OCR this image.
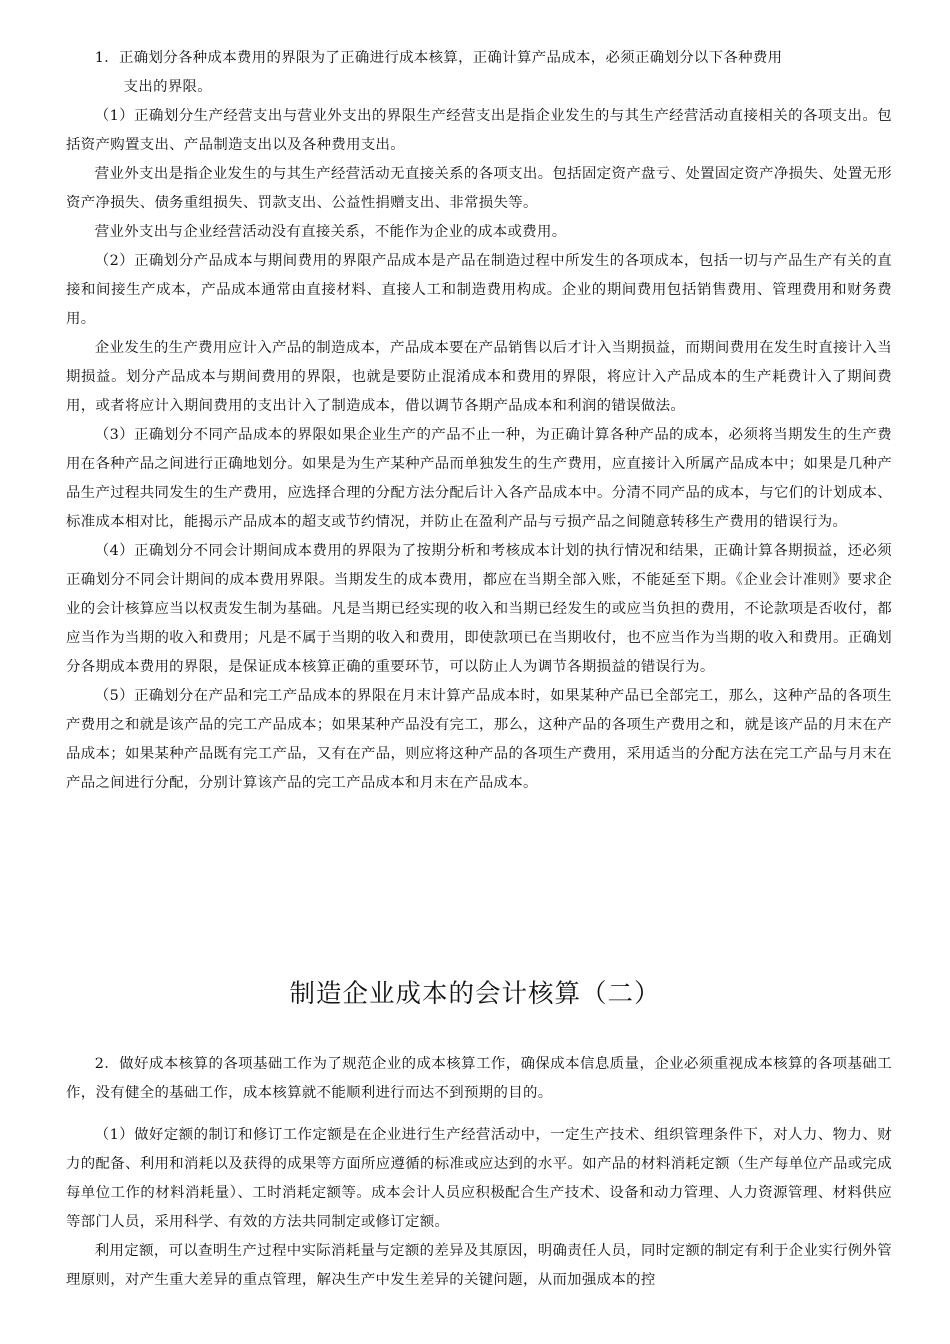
1．正确划分各种成本费用的界限为了正确进行成本核算，正确计算产品成本，必须正确划分以下各种费用
支出的界限。

（1）正确划分生产经营支出与营业外支出的界限生产经营支出是指企业发生的与其生产经营活动直接相关的各项支出。包括资产购置支出、产品制造支出以及各种费用支出。

营业外支出是指企业发生的与其生产经营活动无直接关系的各项支出。包括固定资产盘亏、处置固定资产净损失、处置无形资产净损失、债务重组损失、罚款支出、公益性捐赠支出、非常损失等。

营业外支出与企业经营活动没有直接关系，不能作为企业的成本或费用。

（2）正确划分产品成本与期间费用的界限产品成本是产品在制造过程中所发生的各项成本，包括一切与产品生产有关的直接和间接生产成本，产品成本通常由直接材料、直接人工和制造费用构成。企业的期间费用包括销售费用、管理费用和财务费用。

企业发生的生产费用应计入产品的制造成本，产品成本要在产品销售以后才计入当期损益，而期间费用在发生时直接计入当期损益。划分产品成本与期间费用的界限，也就是要防止混淆成本和费用的界限，将应计入产品成本的生产耗费计入了期间费用，或者将应计入期间费用的支出计入了制造成本，借以调节各期产品成本和利润的错误做法。

（3）正确划分不同产品成本的界限如果企业生产的产品不止一种，为正确计算各种产品的成本，必须将当期发生的生产费用在各种产品之间进行正确地划分。如果是为生产某种产品而单独发生的生产费用，应直接计入所属产品成本中；如果是几种产品生产过程共同发生的生产费用，应选择合理的分配方法分配后计入各产品成本中。分清不同产品的成本，与它们的计划成本、标准成本相对比，能揭示产品成本的超支或节约情况，并防止在盈利产品与亏损产品之间随意转移生产费用的错误行为。

（4）正确划分不同会计期间成本费用的界限为了按期分析和考核成本计划的执行情况和结果，正确计算各期损益，还必须正确划分不同会计期间的成本费用界限。当期发生的成本费用，都应在当期全部入账，不能延至下期。《企业会计准则》要求企业的会计核算应当以权责发生制为基础。凡是当期已经实现的收入和当期已经发生的或应当负担的费用，不论款项是否收付，都应当作为当期的收入和费用；凡是不属于当期的收入和费用，即使款项已在当期收付，也不应当作为当期的收入和费用。正确划分各期成本费用的界限，是保证成本核算正确的重要环节，可以防止人为调节各期损益的错误行为。

（5）正确划分在产品和完工产品成本的界限在月末计算产品成本时，如果某种产品已全部完工，那么，这种产品的各项生产费用之和就是该产品的完工产品成本；如果某种产品没有完工，那么，这种产品的各项生产费用之和，就是该产品的月末在产品成本；如果某种产品既有完工产品，又有在产品，则应将这种产品的各项生产费用，采用适当的分配方法在完工产品与月末在产品之间进行分配，分别计算该产品的完工产品成本和月末在产品成本。

制造企业成本的会计核算（二）

2．做好成本核算的各项基础工作为了规范企业的成本核算工作，确保成本信息质量，企业必须重视成本核算的各项基础工作，没有健全的基础工作，成本核算就不能顺利进行而达不到预期的目的。

（1）做好定额的制订和修订工作定额是在企业进行生产经营活动中，一定生产技术、组织管理条件下，对人力、物力、财力的配备、利用和消耗以及获得的成果等方面所应遵循的标准或应达到的水平。如产品的材料消耗定额（生产每单位产品或完成每单位工作的材料消耗量）、工时消耗定额等。成本会计人员应积极配合生产技术、设备和动力管理、人力资源管理、材料供应等部门人员，采用科学、有效的方法共同制定或修订定额。

利用定额，可以查明生产过程中实际消耗量与定额的差异及其原因，明确责任人员，同时定额的制定有利于企业实行例外管理原则，对产生重大差异的重点管理，解决生产中发生差异的关键问题，从而加强成本的控
